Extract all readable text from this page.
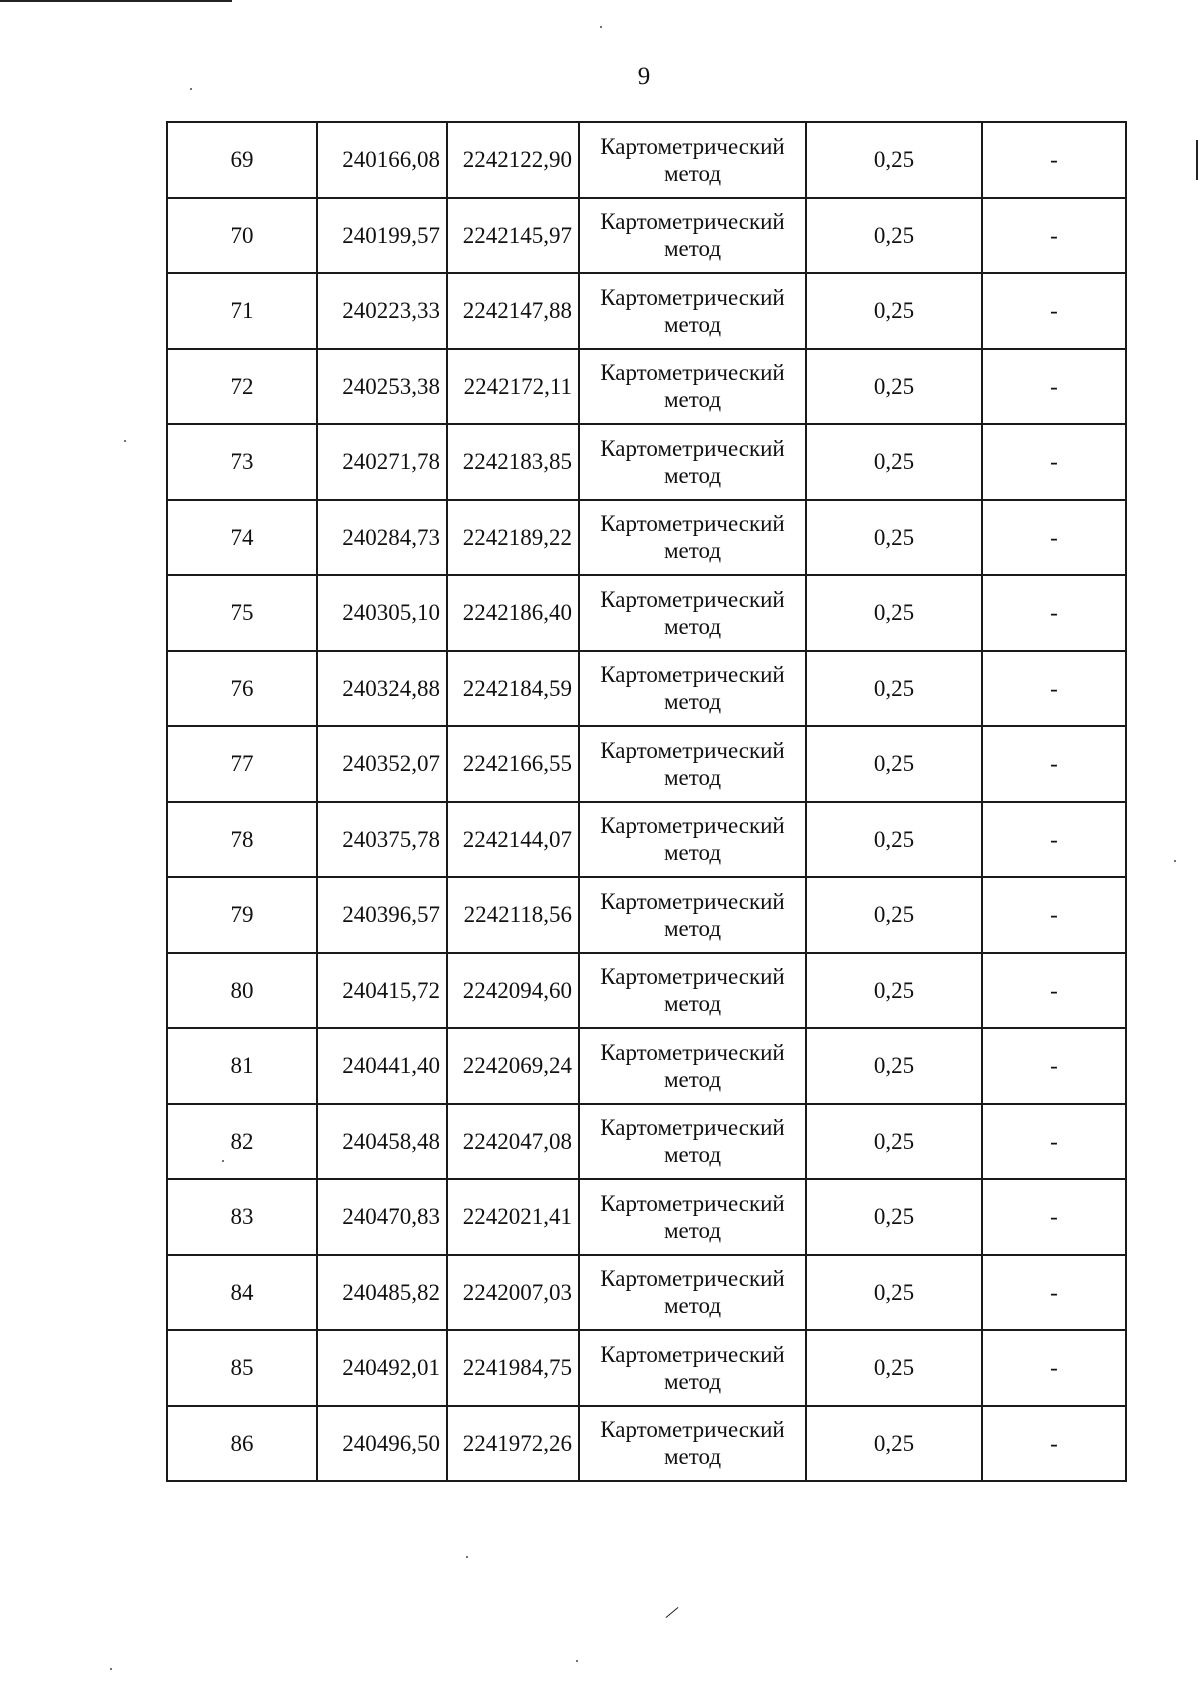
9
69	240166,08	2242122,90	Картометрический метод	0,25	-
70	240199,57	2242145,97	Картометрический метод	0,25	-
71	240223,33	2242147,88	Картометрический метод	0,25	-
72	240253,38	2242172,11	Картометрический метод	0,25	-
73	240271,78	2242183,85	Картометрический метод	0,25	-
74	240284,73	2242189,22	Картометрический метод	0,25	-
75	240305,10	2242186,40	Картометрический метод	0,25	-
76	240324,88	2242184,59	Картометрический метод	0,25	-
77	240352,07	2242166,55	Картометрический метод	0,25	-
78	240375,78	2242144,07	Картометрический метод	0,25	-
79	240396,57	2242118,56	Картометрический метод	0,25	-
80	240415,72	2242094,60	Картометрический метод	0,25	-
81	240441,40	2242069,24	Картометрический метод	0,25	-
82	240458,48	2242047,08	Картометрический метод	0,25	-
83	240470,83	2242021,41	Картометрический метод	0,25	-
84	240485,82	2242007,03	Картометрический метод	0,25	-
85	240492,01	2241984,75	Картометрический метод	0,25	-
86	240496,50	2241972,26	Картометрический метод	0,25	-
